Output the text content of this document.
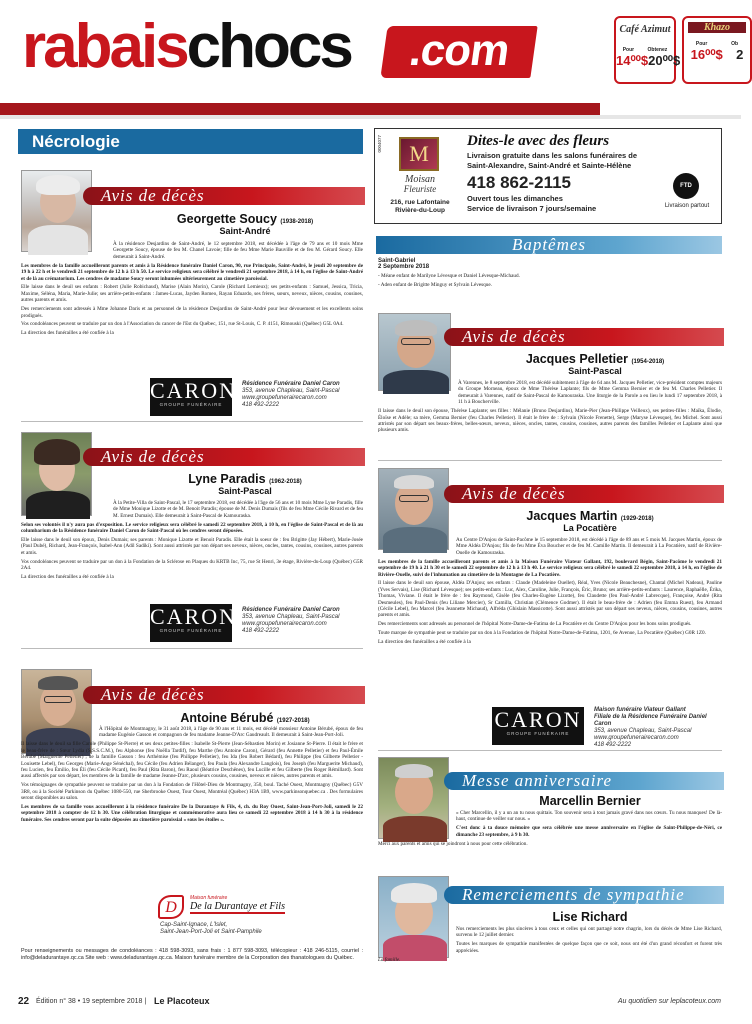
rabaischocs	.com	Café Azimut
Pour	Obtenez
14⁰⁰$ 20⁰⁰$
Khazo
Pour	Ob
16⁰⁰$ 2
Nécrologie
Avis de décès
Georgette Soucy (1938-2018)
Saint-André

À la résidence Desjardins de Saint-André, le 12 septembre 2018, est décédée à l'âge de 79 ans et 10 mois Mme Georgette Soucy, épouse de feu M. Chanel Lavoie; fille de feu Mme Marie Bauville et de feu M. Gérard Soucy. Elle demeurait à Saint-André.

Les membres de la famille accueilleront parents et amis à la Résidence funéraire Daniel Caron, 90, rue Principale, Saint-André, le jeudi 20 septembre de 19 h à 22 h et le vendredi 21 septembre de 12 h à 13 h 50. Le service religieux sera célébré le vendredi 21 septembre 2018, à 14 h, en l'église de Saint-André et de là au crématorium. Les cendres de madame Soucy seront inhumées ultérieurement au cimetière paroissial.

Elle laisse dans le deuil ses enfants : Robert (Julie Robichaud), Marise (Alain Morin), Carole (Richard Lemieux); ses petits-enfants : Samuel, Jessica, Tricia, Maxime, Séléna, Maria, Marie-Julie; ses arrière-petits-enfants : James-Lucas, Jayden Romeo, Rayan Eduardo, ses frères, sœurs, neveux, nièces, cousins, cousines, autres parents et amis.

Des remerciements sont adressés à Mme Johanne Daris et au personnel de la résidence Desjardins de Saint-André pour leur dévouement et les excellents soins prodigués.

Vos condoléances peuvent se traduire par un don à l'Association du cancer de l'Est du Québec, 151, rue St-Louis, C. P. 4151, Rimouski (Québec) G5L 0A4.

La direction des funérailles a été confiée à la

CARON
GROUPE FUNÉRAIRE
Résidence Funéraire Daniel Caron
353, avenue Chapleau, Saint-Pascal
www.groupefunerairecaron.com
418 492-2222
Avis de décès
Lyne Paradis (1962-2018)
Saint-Pascal

À la Petite-Villa de Saint-Pascal, le 17 septembre 2018, est décédée à l'âge de 56 ans et 10 mois Mme Lyne Paradis, fille de Mme Monique Lizotte et de M. Benoit Paradis; épouse de M. Denis Dumais (fils de feu Mme Cécile Rivard et de feu M. Ernest Dumais). Elle demeurait à Saint-Pascal de Kamouraska.

Selon ses volontés il n'y aura pas d'exposition. Le service religieux sera célébré le samedi 22 septembre 2018, à 10 h, en l'église de Saint-Pascal et de là au columbarium de la Résidence funéraire Daniel Caron de Saint-Pascal où les cendres seront déposées.

Elle laisse dans le deuil son époux, Denis Dumais; ses parents : Monique Lizotte et Benoit Paradis. Elle était la soeur de : feu Brigitte (Jay Hébert), Marie-Josée (Paul Dubé), Richard, Jean-François, Isabel-Ann (Adil Sadiki). Sont aussi attristés par son départ ses neveux, nièces, oncles, tantes, cousins, cousines, autres parents et amis.

Vos condoléances peuvent se traduire par un don à la Fondation de la Sclérose en Plaques du KRTB Inc, 75, rue St Henri, 3e étage, Rivière-du-Loup (Québec) G5R 2A4.

La direction des funérailles a été confiée à la

CARON
GROUPE FUNÉRAIRE
Résidence Funéraire Daniel Caron
353, avenue Chapleau, Saint-Pascal
www.groupefunerairecaron.com
418 492-2222
Avis de décès
Antoine Bérubé (1927-2018)

À l'Hôpital de Montmagny, le 31 août 2018, à l'âge de 90 ans et 11 mois, est décédé monsieur Antoine Bérubé, époux de feu madame Eugénie Gasson et compagnon de feu madame Jeanne-D'Arc Gaudreault. Il demeurait à Saint-Jean-Port-Joli.

Il laisse dans le deuil sa fille Carole (Philippe St-Pierre) et ses deux petites-filles : Isabelle St-Pierre (Jean-Sébastien Morin) et Josianne St-Pierre. Il était le frère et le beau-frère de : Sœur Lydia (S.S.S.C.M.), feu Alphonse (feu Noëlla Tardif), feu Marthe (feu Antoine Caron), Gérard (feu Annette Pelletier) et feu Paul-Émile Bérubé (Marguerite Pelletier) ; de la famille Gasson : feu Arthémise (feu Philippe Pelletier), feu Ida (feu Robert Bédard), feu Philippe (feu Gilberte Pelletier - Louisette Lebel), feu Georges (Marie-Ange Sénéchal), feu Cécile (feu Adrien Bélanger), feu Paula (feu Alexandre Langlois), feu Joseph (feu Marguerite Michaud), feu Lucien, feu Émilio, feu Éli (feu Cécile Picard), feu Paul (Rita Baron), feu Raoul (Béatrice Deschênes), feu Lucille et feu Gilberte (feu Roger Rémillard). Sont aussi affectés par son départ, les membres de la famille de madame Jeanne-D'arc, plusieurs cousins, cousines, neveux et nièces, autres parents et amis.

Vos témoignages de sympathie peuvent se traduire par un don à la Fondation de l'Hôtel-Dieu de Montmagny, 350, boul. Taché Ouest, Montmagny (Québec) G5V 3R8, ou à la Société Parkinson du Québec 1080-550, rue Sherbrooke Ouest, Tour Ouest, Montréal (Québec) H3A 1B9, www.parkinsonquebec.ca . Des formulaires seront disponibles au salon.

Les membres de sa famille vous accueilleront à la résidence funéraire De la Durantaye & Fils, 4, ch. du Roy Ouest, Saint-Jean-Port-Joli, samedi le 22 septembre 2018 à compter de 12 h 30. Une célébration liturgique et commémorative aura lieu ce samedi 22 septembre 2018 à 14 h 30 à la résidence funéraire. Ses cendres seront par la suite déposées au cimetière paroissial « sous les étoiles ».

D
Maison funéraire
De la Durantaye et Fils
Cap-Saint-Ignace, L'Islet,
Saint-Jean-Port-Joli et Saint-Pamphile

Pour renseignements ou messages de condoléances : 418 598-3093, sans frais : 1 877 598-3093, télécopieur : 418 246-5115, courriel : info@deladurantaye.qc.ca Site web : www.deladurantaye.qc.ca. Maison funéraire membre de la Corporation des thanatologues du Québec.

0004077	M
Moisan
Fleuriste
216, rue Lafontaine
Rivière-du-Loup
Dites-le avec des fleurs
Livraison gratuite dans les salons funéraires de
Saint-Alexandre, Saint-André et Sainte-Hélène
418 862-2115
Ouvert tous les dimanches
Service de livraison 7 jours/semaine
FTD
Livraison partout
Baptêmes
Saint-Gabriel
2 Septembre 2018

- Méane enfant de Marilyne Lévesque et Daniel Lévesque-Michaud.

- Aden enfant de Brigitte Minguy et Sylvain Lévesque.

Avis de décès
Jacques Pelletier (1954-2018)
Saint-Pascal

À Varennes, le 8 septembre 2018, est décédé subitement à l'âge de 64 ans M. Jacques Pelletier, vice-président comptes majeurs du Groupe Morneau, époux de Mme Thérèse Laplante; fils de Mme Gemma Bernier et de feu M. Charles Pelletier. Il demeurait à Varennes, natif de Saint-Pascal de Kamouraska. Une liturgie de la Parole a eu lieu le lundi 17 septembre 2018, à 11 h à Boucherville.

Il laisse dans le deuil son épouse, Thérèse Laplante; ses filles : Mélanie (Bruno Desjardins), Marie-Pier (Jean-Philippe Veilleux), ses petites-filles : Maïka, Élodie, Éloïse et Adèle; sa mère, Gemma Bernier (feu Charles Pelletier). Il était le frère de : Sylvain (Nicole Frenette), Serge (Maryse Lévesque), feu Michel. Sont aussi attristés par son départ ses beaux-frères, belles-sœurs, neveux, nièces, oncles, tantes, cousins, cousines, autres parents des familles Pelletier et Laplante ainsi que plusieurs amis.

Avis de décès
Jacques Martin (1929-2018)
La Pocatière

Au Centre D'Anjou de Saint-Pacôme le 15 septembre 2018, est décédé à l'âge de 89 ans et 5 mois M. Jacques Martin, époux de Mme Aldéa D'Anjou; fils de feu Mme Éva Boucher et de feu M. Camille Martin. Il demeurait à La Pocatière, natif de Rivière-Ouelle de Kamouraska.

Les membres de la famille accueilleront parents et amis à la Maison Funéraire Viateur Gallant, 192, boulevard Bégin, Saint-Pacôme le vendredi 21 septembre de 19 h à 21 h 30 et le samedi 22 septembre de 12 h à 13 h 40. Le service religieux sera célébré le samedi 22 septembre 2018, à 14 h, en l'église de Rivière-Ouelle, suivi de l'inhumation au cimetière de la Montagne de La Pocatière.

Il laisse dans le deuil son épouse, Aldéa D'Anjou; ses enfants : Claude (Madeleine Ouellet), Réal, Yves (Nicole Beauchesne), Chantal (Michel Nadeau), Pauline (Yves Servais), Lise (Richard Lévesque); ses petits-enfants : Luc, Alex, Caroline, Julie, François, Éric, Bruno; ses arrière-petits-enfants : Laurence, Raphaëlle, Érika, Thomas, Viviane. Il était le frère de : feu Raymond, Gisèle (feu Charles-Eugène Lizotte), feu Claudette (feu Paul-André Labrecque), Françoise, André (Rita Desmeules), feu Paul-Denis (feu Liliane Mercier), Sr Camilla, Christian (Clémence Godmer). Il était le beau-frère de : Adrien (feu Emma Ruest), feu Armand (Cécile Lebel), feu Marcel (feu Jeannette Michaud), Alfréda (Ghislain Massicotte). Sont aussi attristés par son départ ses neveux, nièces, cousins, cousines, autres parents et amis.

Des remerciements sont adressés au personnel de l'hôpital Notre-Dame-de-Fatima de La Pocatière et du Centre D'Anjou pour les bons soins prodigués.

Toute marque de sympathie peut se traduire par un don à la Fondation de l'hôpital Notre-Dame-de-Fatima, 1201, 6e Avenue, La Pocatière (Québec) G0R 1Z0.

La direction des funérailles a été confiée à la

CARON
GROUPE FUNÉRAIRE
Maison funéraire Viateur Gallant
Filiale de la Résidence Funéraire Daniel Caron
353, avenue Chapleau, Saint-Pascal
www.groupefunerairecaron.com
418 492-2222
Messe anniversaire
Marcellin Bernier

« Cher Marcellin, il y a un an tu nous quittais. Ton souvenir sera à tout jamais gravé dans nos cœurs. Tu nous manques! De là-haut, continue de veiller sur nous. »

C'est donc à ta douce mémoire que sera célébrée une messe anniversaire en l'église de Saint-Philippe-de-Néri, ce dimanche 23 septembre, à 9 h 30.

Merci aux parents et amis qui se joindront à nous pour cette célébration.

Remerciements de sympathie
Lise Richard

Nos remerciements les plus sincères à tous ceux et celles qui ont partagé notre chagrin, lors du décès de Mme Lise Richard, survenu le 12 juillet dernier.

Toutes les marques de sympathie manifestées de quelque façon que ce soit, nous ont été d'un grand réconfort et furent très appréciées.

La famille.

22 Édition n° 38 • 19 septembre 2018 | Le Placoteux	Au quotidien sur leplacoteux.com
